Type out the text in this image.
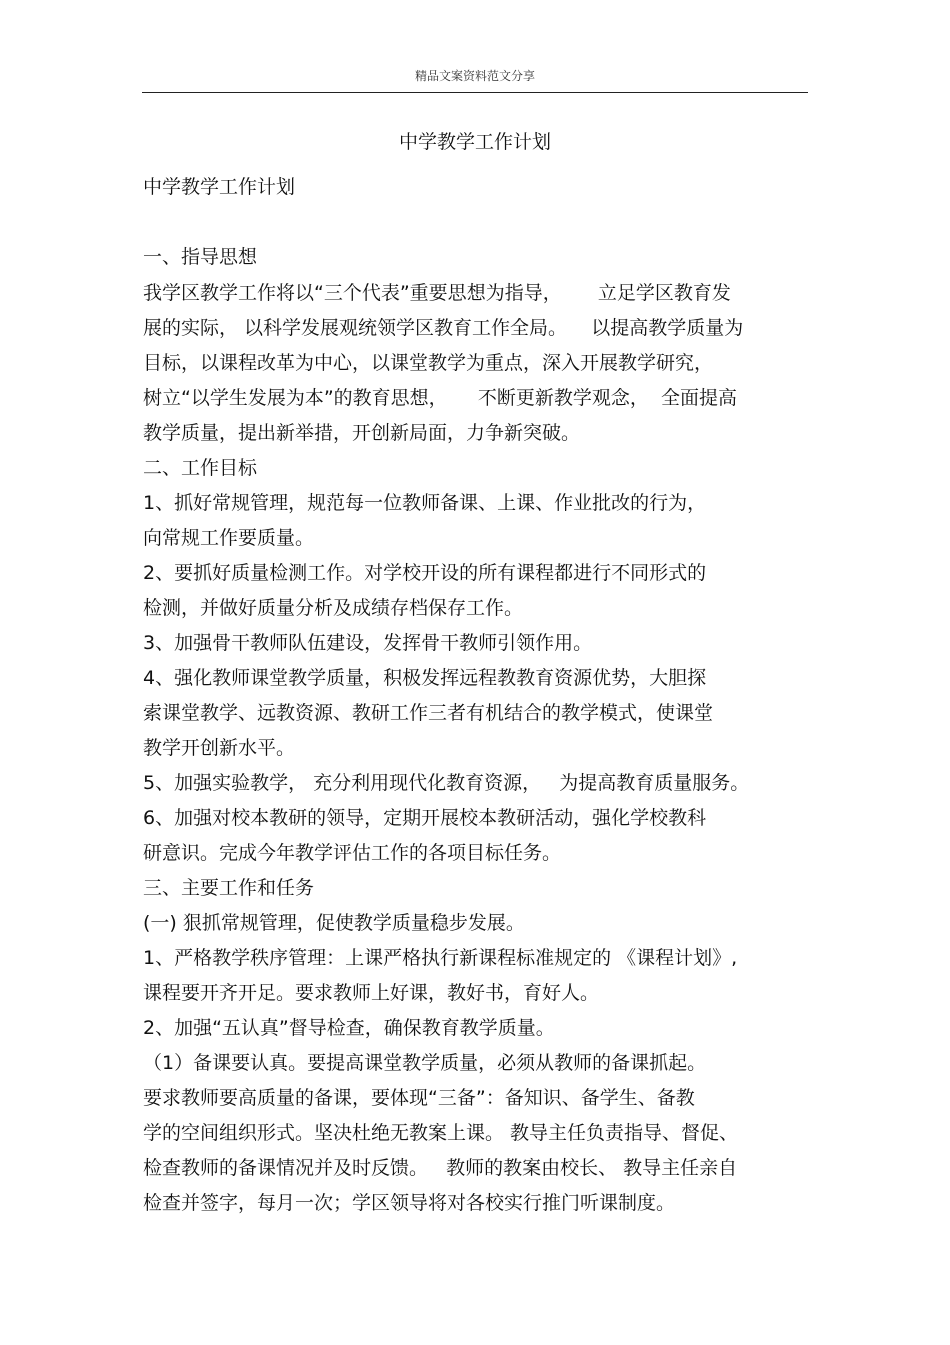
精品文案资料范文分享
中学教学工作计划
中学教学工作计划
一、指导思想
我学区教学工作将以“三个代表”重要思想为指导，      立足学区教育发
展的实际， 以科学发展观统领学区教育工作全局。    以提高教学质量为
目标，以课程改革为中心，以课堂教学为重点，深入开展教学研究，
树立“以学生发展为本”的教育思想，     不断更新教学观念，  全面提高
教学质量，提出新举措，开创新局面，力争新突破。
二、工作目标
1、抓好常规管理，规范每一位教师备课、上课、作业批改的行为，
向常规工作要质量。
2、要抓好质量检测工作。对学校开设的所有课程都进行不同形式的
检测，并做好质量分析及成绩存档保存工作。
3、加强骨干教师队伍建设，发挥骨干教师引领作用。
4、强化教师课堂教学质量，积极发挥远程教教育资源优势，大胆探
索课堂教学、远教资源、教研工作三者有机结合的教学模式，使课堂
教学开创新水平。
5、加强实验教学， 充分利用现代化教育资源，   为提高教育质量服务。
6、加强对校本教研的领导，定期开展校本教研活动，强化学校教科
研意识。完成今年教学评估工作的各项目标任务。
三、主要工作和任务
(一) 狠抓常规管理，促使教学质量稳步发展。
1、严格教学秩序管理：上课严格执行新课程标准规定的 《课程计划》,
课程要开齐开足。要求教师上好课，教好书，育好人。
2、加强“五认真”督导检查，确保教育教学质量。
（1）备课要认真。要提高课堂教学质量，必须从教师的备课抓起。
要求教师要高质量的备课，要体现“三备”：备知识、备学生、备教
学的空间组织形式。坚决杜绝无教案上课。 教导主任负责指导、督促、
检查教师的备课情况并及时反馈。   教师的教案由校长、 教导主任亲自
检查并签字，每月一次；学区领导将对各校实行推门听课制度。
